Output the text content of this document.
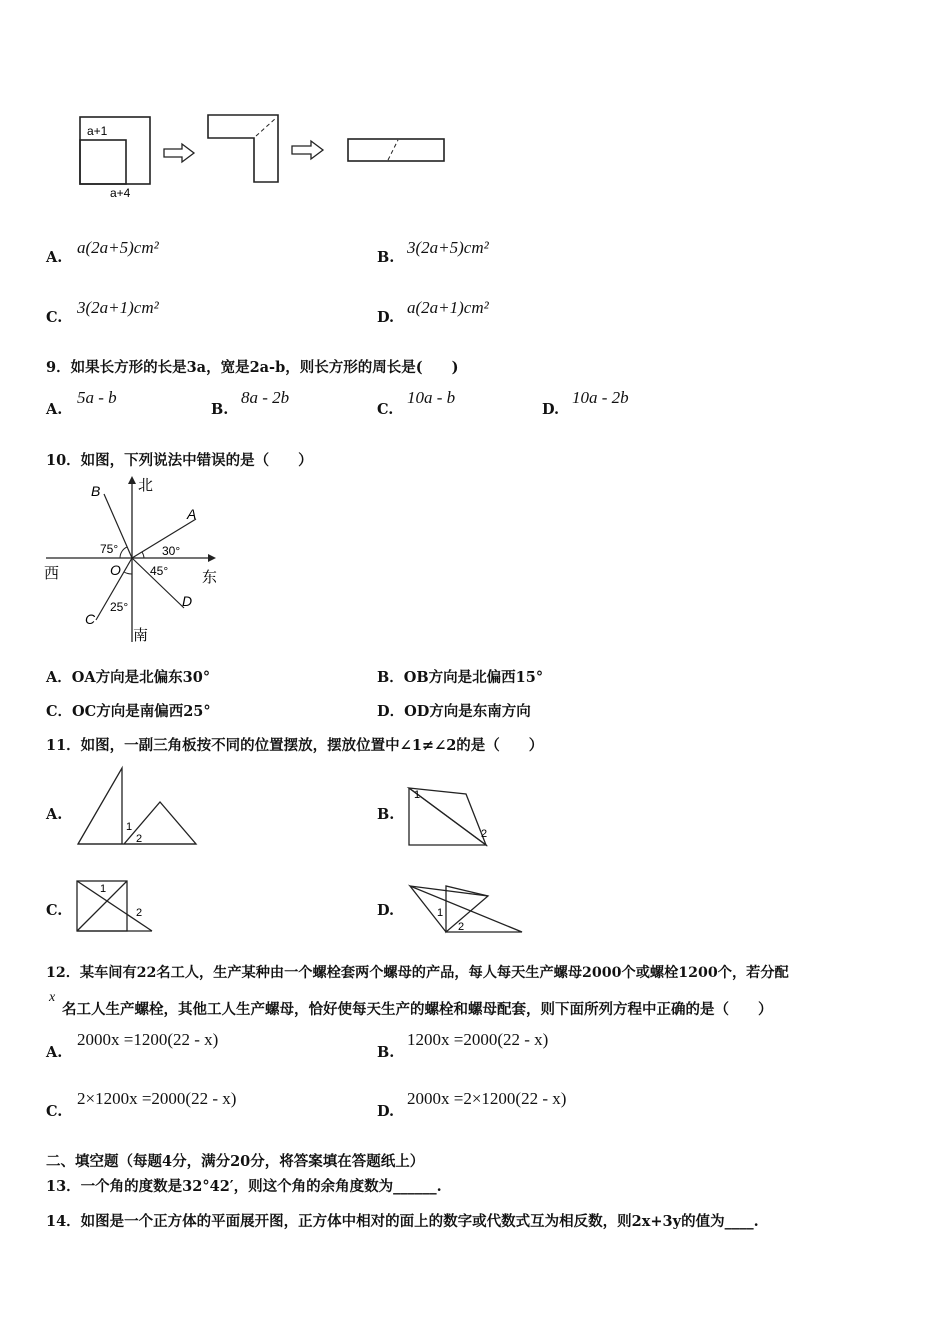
a+1
a+4
A.
a(2a+5)cm²
B.
3(2a+5)cm²
C.
3(2a+1)cm²
D.
a(2a+1)cm²
9．如果长方形的长是3a，宽是2a-b，则长方形的周长是(　　)
A.
5a - b
B.
8a - 2b
C.
10a - b
D.
10a - 2b
10．如图，下列说法中错误的是（　　）
北
南
西	东
A
B
C
D
O
75°	30°
45°
25°
A．OA方向是北偏东30°	B．OB方向是北偏西15°
C．OC方向是南偏西25°	D．OD方向是东南方向
11．如图，一副三角板按不同的位置摆放，摆放位置中∠1≠∠2的是（　　）
A.
1
2
B.
1
2
C.
1
2	D.	1
2
12．某车间有22名工人，生产某种由一个螺栓套两个螺母的产品，每人每天生产螺母2000个或螺栓1200个，若分配
x
名工人生产螺栓，其他工人生产螺母，恰好使每天生产的螺栓和螺母配套，则下面所列方程中正确的是（　　）
A.
2000x =1200(22 - x)
B.
1200x =2000(22 - x)
C.
2×1200x =2000(22 - x)
D.
2000x =2×1200(22 - x)
二、填空题（每题4分，满分20分，将答案填在答题纸上）
13．一个角的度数是32°42′，则这个角的余角度数为______.
14．如图是一个正方体的平面展开图，正方体中相对的面上的数字或代数式互为相反数，则2x+3y的值为____.
